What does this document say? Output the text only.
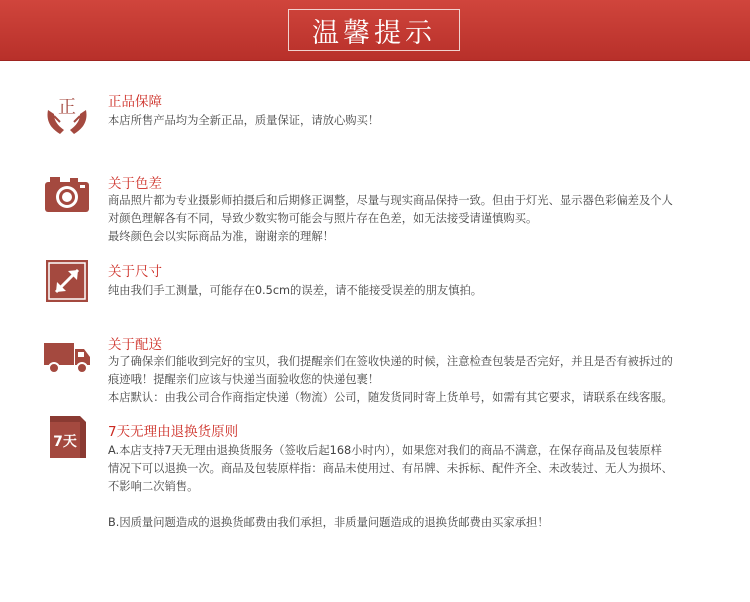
温馨提示
正 正品保障

本店所售产品均为全新正品，质量保证，请放心购买！

关于色差

商品照片都为专业摄影师拍摄后和后期修正调整，尽量与现实商品保持一致。但由于灯光、显示器色彩偏差及个人

对颜色理解各有不同，导致少数实物可能会与照片存在色差，如无法接受请谨慎购买。

最终颜色会以实际商品为准，谢谢亲的理解！

关于尺寸

纯由我们手工测量，可能存在0.5cm的误差，请不能接受误差的朋友慎拍。

关于配送

为了确保亲们能收到完好的宝贝，我们提醒亲们在签收快递的时候，注意检查包装是否完好，并且是否有被拆过的

痕迹哦！提醒亲们应该与快递当面验收您的快递包裹！

本店默认：由我公司合作商指定快递（物流）公司，随发货同时寄上货单号，如需有其它要求，请联系在线客服。

7天
7天无理由退换货原则

A.本店支持7天无理由退换货服务（签收后起168小时内），如果您对我们的商品不满意，在保存商品及包装原样

情况下可以退换一次。商品及包装原样指：商品未使用过、有吊牌、未拆标、配件齐全、未改装过、无人为损坏、

不影响二次销售。

B.因质量问题造成的退换货邮费由我们承担，非质量问题造成的退换货邮费由买家承担！
